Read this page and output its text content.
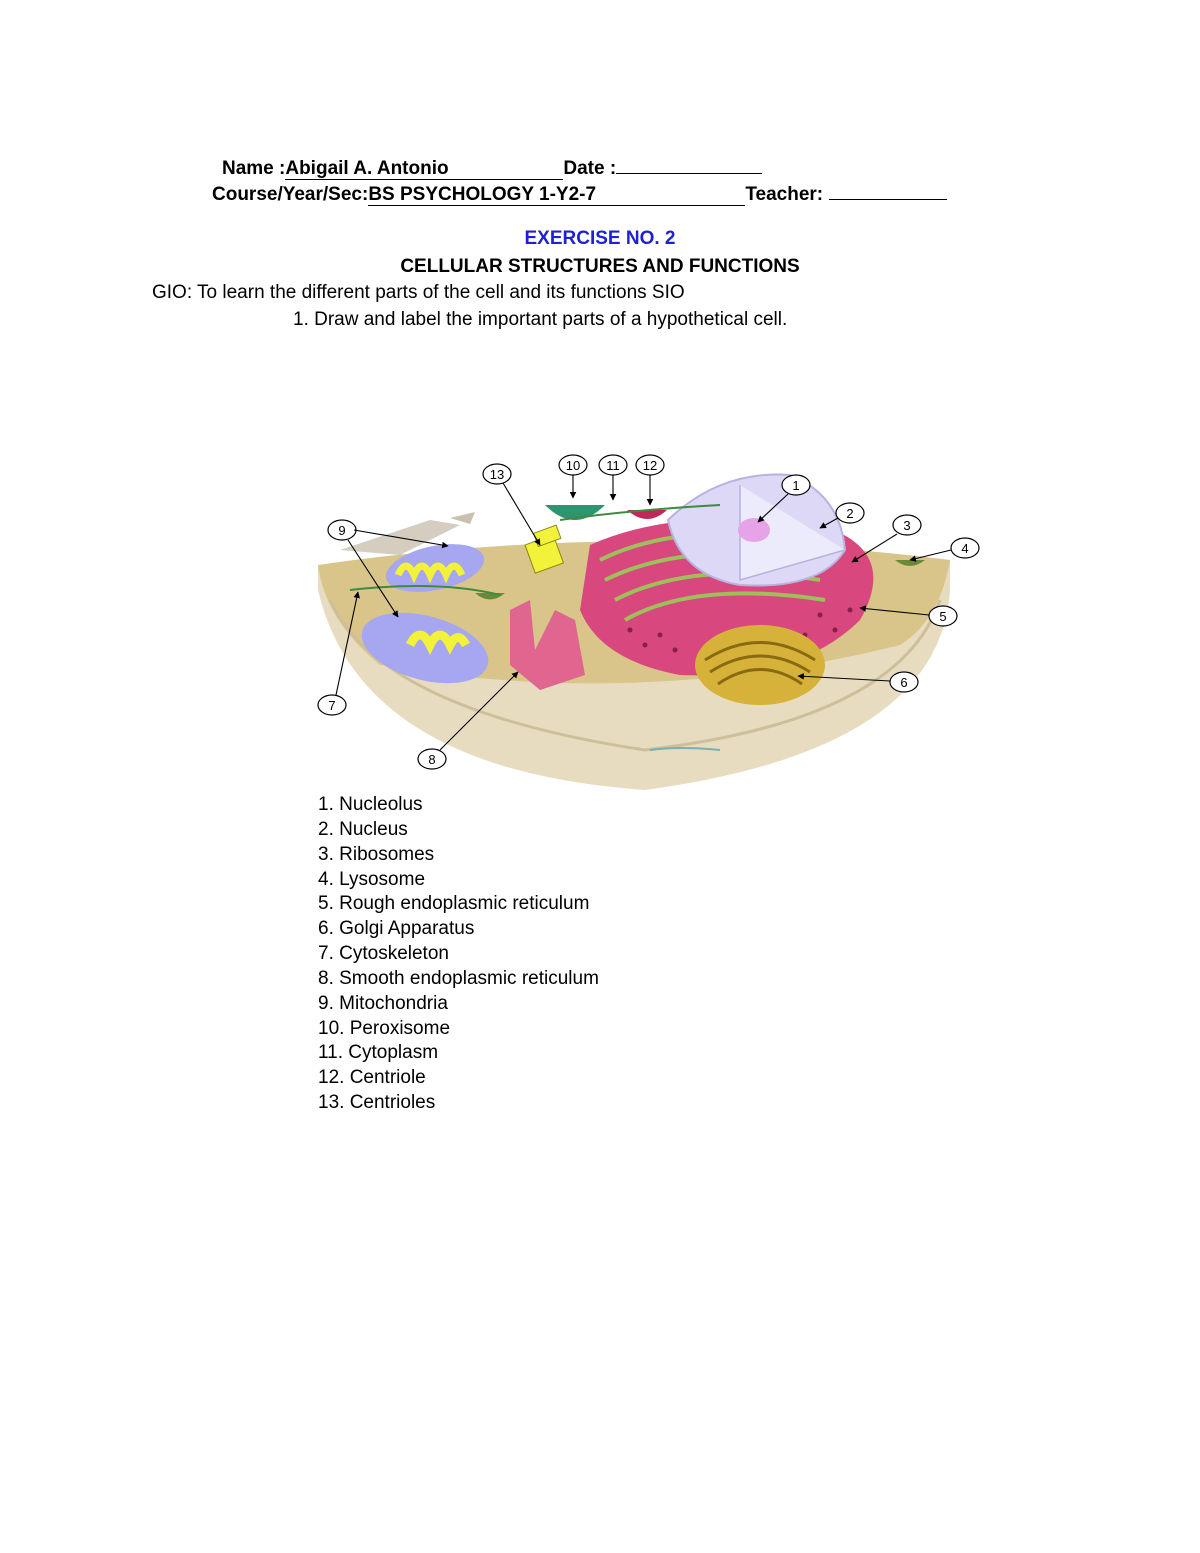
Name :Abigail A. Antonio	Date :
Course/Year/Sec:BS PSYCHOLOGY 1-Y2-7	Teacher:
EXERCISE NO. 2
CELLULAR STRUCTURES AND FUNCTIONS
GIO: To learn the different parts of the cell and its functions SIO
1. Draw and label the important parts of a hypothetical cell.
1
2
3
4
5
6
7
8
9
10 11 12
13
1. Nucleolus
2. Nucleus
3. Ribosomes
4. Lysosome
5. Rough endoplasmic reticulum
6. Golgi Apparatus
7. Cytoskeleton
8. Smooth endoplasmic reticulum
9. Mitochondria
10. Peroxisome
11. Cytoplasm
12. Centriole
13. Centrioles
